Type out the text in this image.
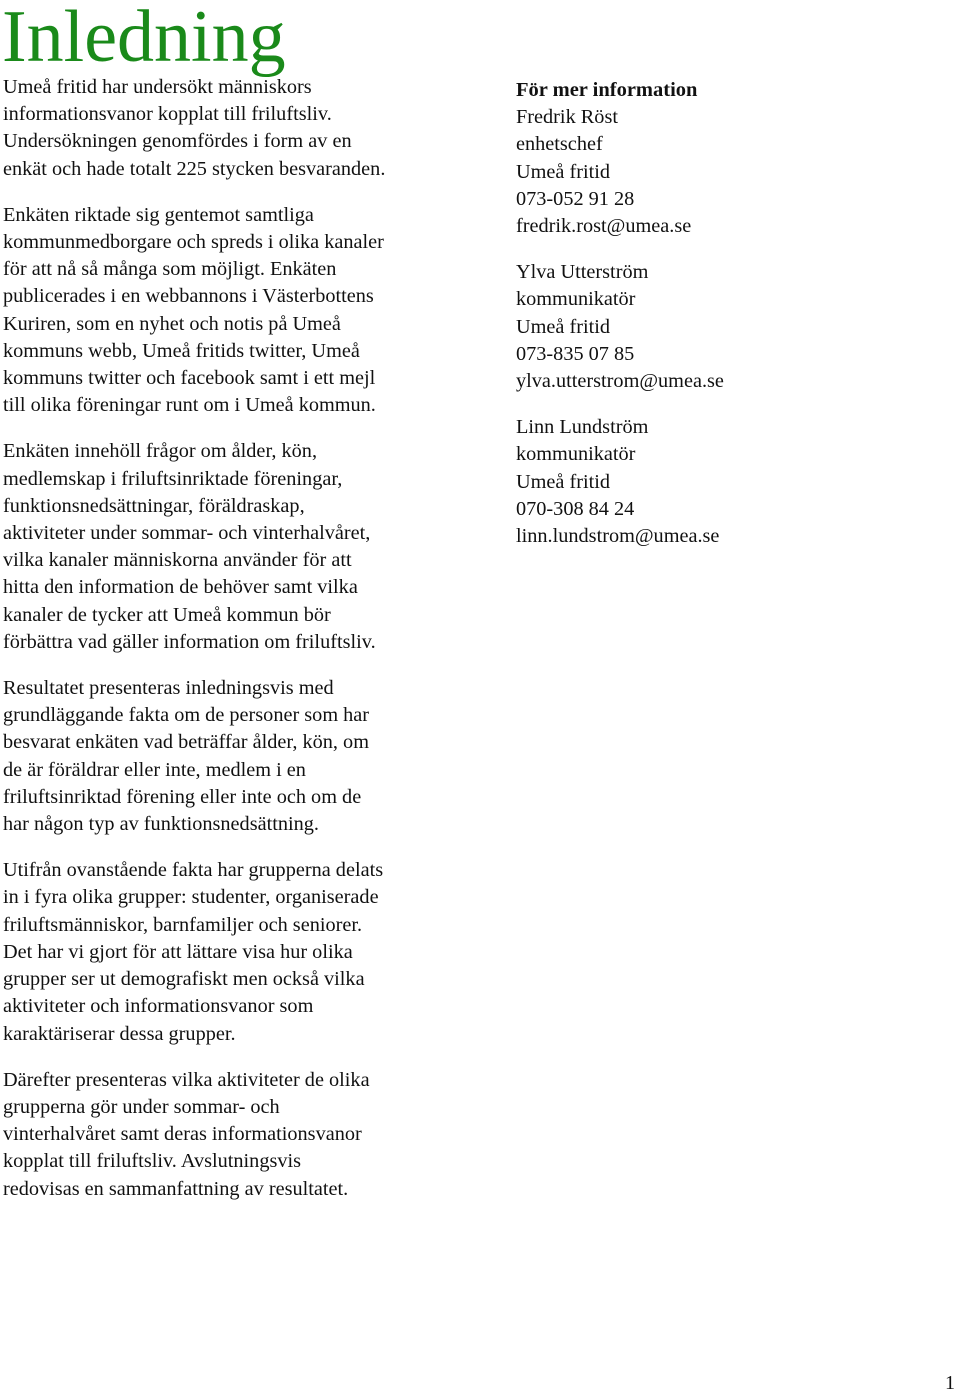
Inledning

Umeå fritid har undersökt människors
informationsvanor kopplat till friluftsliv.
Undersökningen genomfördes i form av en
enkät och hade totalt 225 stycken besvaranden.

Enkäten riktade sig gentemot samtliga
kommunmedborgare och spreds i olika kanaler
för att nå så många som möjligt. Enkäten
publicerades i en webbannons i Västerbottens
Kuriren, som en nyhet och notis på Umeå
kommuns webb, Umeå fritids twitter, Umeå
kommuns twitter och facebook samt i ett mejl
till olika föreningar runt om i Umeå kommun.

Enkäten innehöll frågor om ålder, kön,
medlemskap i friluftsinriktade föreningar,
funktionsnedsättningar, föräldraskap,
aktiviteter under sommar- och vinterhalvåret,
vilka kanaler människorna använder för att
hitta den information de behöver samt vilka
kanaler de tycker att Umeå kommun bör
förbättra vad gäller information om friluftsliv.

Resultatet presenteras inledningsvis med
grundläggande fakta om de personer som har
besvarat enkäten vad beträffar ålder, kön, om
de är föräldrar eller inte, medlem i en
friluftsinriktad förening eller inte och om de
har någon typ av funktionsnedsättning.

Utifrån ovanstående fakta har grupperna delats
in i fyra olika grupper: studenter, organiserade
friluftsmänniskor, barnfamiljer och seniorer.
Det har vi gjort för att lättare visa hur olika
grupper ser ut demografiskt men också vilka
aktiviteter och informationsvanor som
karaktäriserar dessa grupper.

Därefter presenteras vilka aktiviteter de olika
grupperna gör under sommar- och
vinterhalvåret samt deras informationsvanor
kopplat till friluftsliv. Avslutningsvis
redovisas en sammanfattning av resultatet.

För mer information
Fredrik Röst
enhetschef
Umeå fritid
073-052 91 28
fredrik.rost@umea.se
Ylva Utterström
kommunikatör
Umeå fritid
073-835 07 85
ylva.utterstrom@umea.se
Linn Lundström
kommunikatör
Umeå fritid
070-308 84 24
linn.lundstrom@umea.se
1
